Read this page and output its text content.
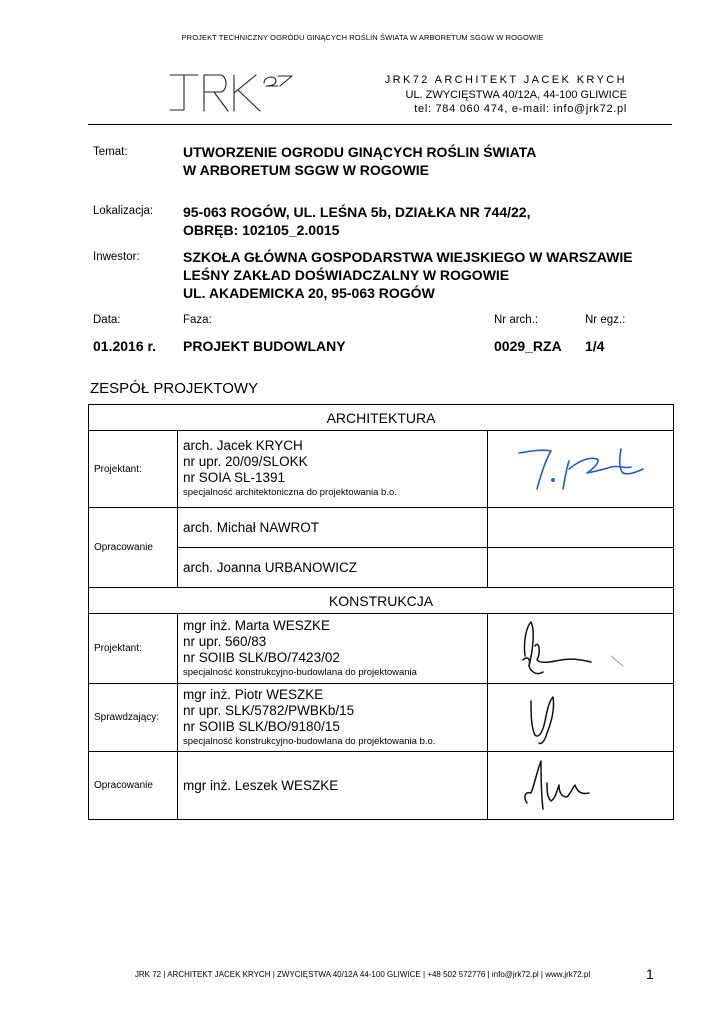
PROJEKT TECHNICZNY OGRÓDU GINĄCYCH ROŚLIN ŚWIATA W ARBORETUM SGGW W ROGOWIE
JRK72 ARCHITEKT JACEK KRYCH
UL. ZWYCIĘSTWA 40/12A, 44-100 GLIWICE
tel: 784 060 474, e-mail: info@jrk72.pl
Temat:	UTWORZENIE OGRODU GINĄCYCH ROŚLIN ŚWIATA
W ARBORETUM SGGW W ROGOWIE
Lokalizacja: 95-063 ROGÓW, UL. LEŚNA 5b, DZIAŁKA NR 744/22,
OBRĘB: 102105_2.0015
Inwestor:	SZKOŁA GŁÓWNA GOSPODARSTWA WIEJSKIEGO W WARSZAWIE
LEŚNY ZAKŁAD DOŚWIADCZALNY W ROGOWIE
UL. AKADEMICKA 20, 95-063 ROGÓW
Data:	Faza:	Nr arch.:	Nr egz.:
01.2016 r. PROJEKT BUDOWLANY	0029_RZA 1/4
ZESPÓŁ PROJEKTOWY
ARCHITEKTURA		
Projektant:	arch. Jacek KRYCH
nr upr. 20/09/SLOKK
nr SOIA SL-1391
specjalność architektoniczna do projektowania b.o.

Opracowanie	arch. Michał NAWROT	
	arch. Joanna URBANOWICZ	
KONSTRUKCJA		
Projektant:	mgr inż. Marta WESZKE
nr upr. 560/83
nr SOIIB SLK/BO/7423/02
specjalność konstrukcyjno-budowlana do projektowania

Sprawdzający:	mgr inż. Piotr WESZKE
nr upr. SLK/5782/PWBKb/15
nr SOIIB SLK/BO/9180/15
specjalność konstrukcyjno-budowlana do projektowania b.o.

Opracowanie	mgr inż. Leszek WESZKE	
JRK 72 | ARCHITEKT JACEK KRYCH | ZWYCIĘSTWA 40/12A 44-100 GLIWICE | +48 502 572776 | info@jrk72.pl | www.jrk72.pl	1
